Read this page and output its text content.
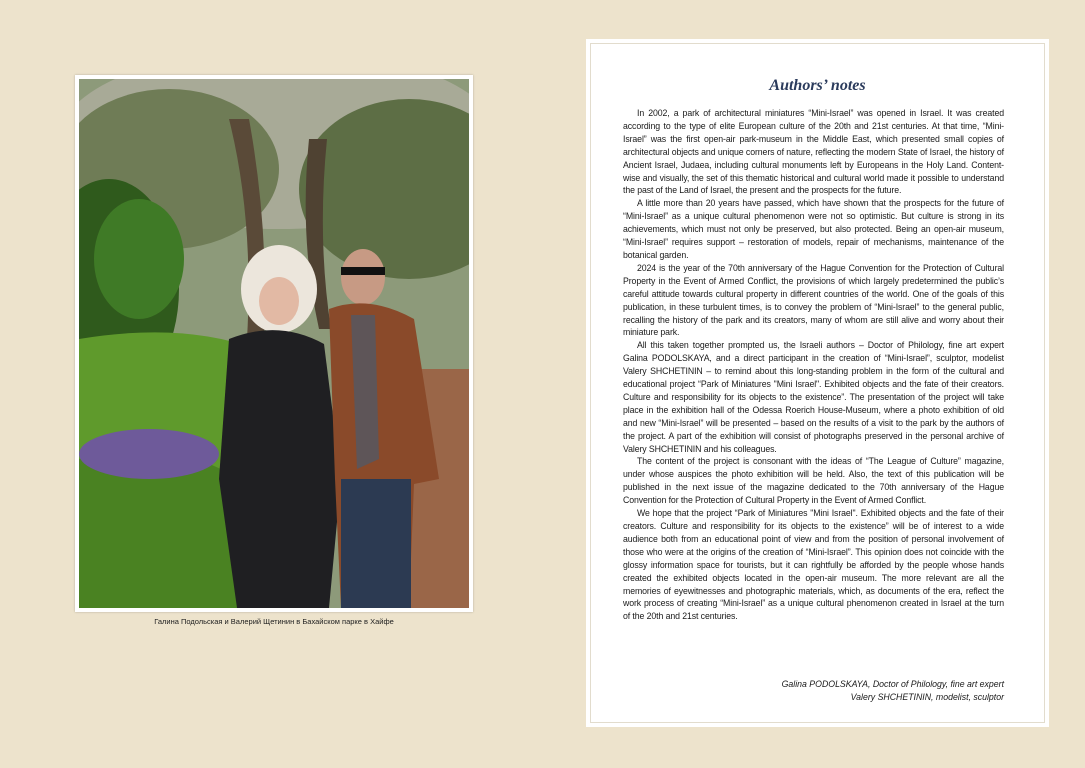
Галина Подольская и Валерий Щетинин в Бахайском парке в Хайфе
Authors’ notes

In 2002, a park of architectural miniatures “Mini-Israel” was opened in Israel. It was created according to the type of elite European culture of the 20th and 21st centuries. At that time, “Mini-Israel” was the first open-air park-museum in the Middle East, which presented small copies of architectural objects and unique corners of nature, reflecting the modern State of Israel, the history of Ancient Israel, Judaea, including cultural monuments left by Europeans in the Holy Land. Content-wise and visually, the set of this thematic historical and cultural world made it possible to understand the past of the Land of Israel, the present and the prospects for the future.

A little more than 20 years have passed, which have shown that the prospects for the future of “Mini-Israel” as a unique cultural phenomenon were not so optimistic. But culture is strong in its achievements, which must not only be preserved, but also protected. Being an open-air museum, “Mini-Israel” requires support – restoration of models, repair of mechanisms, maintenance of the botanical garden.

2024 is the year of the 70th anniversary of the Hague Convention for the Protection of Cultural Property in the Event of Armed Conflict, the provisions of which largely predetermined the public’s careful attitude towards cultural property in different countries of the world. One of the goals of this publication, in these turbulent times, is to convey the problem of “Mini-Israel” to the general public, recalling the history of the park and its creators, many of whom are still alive and worry about their miniature park.

All this taken together prompted us, the Israeli authors – Doctor of Philology, fine art expert Galina PODOLSKAYA, and a direct participant in the creation of “Mini-Israel”, sculptor, modelist Valery SHCHETININ – to remind about this long-standing problem in the form of the cultural and educational project “Park of Miniatures "Mini Israel". Exhibited objects and the fate of their creators. Culture and responsibility for its objects to the existence”. The presentation of the project will take place in the exhibition hall of the Odessa Roerich House-Museum, where a photo exhibition of old and new “Mini-Israel” will be presented – based on the results of a visit to the park by the authors of the project. A part of the exhibition will consist of photographs preserved in the personal archive of Valery SHCHETININ and his colleagues.

The content of the project is consonant with the ideas of “The League of Culture” magazine, under whose auspices the photo exhibition will be held. Also, the text of this publication will be published in the next issue of the magazine dedicated to the 70th anniversary of the Hague Convention for the Protection of Cultural Property in the Event of Armed Conflict.

We hope that the project “Park of Miniatures "Mini Israel". Exhibited objects and the fate of their creators. Culture and responsibility for its objects to the existence” will be of interest to a wide audience both from an educational point of view and from the position of personal involvement of those who were at the origins of the creation of “Mini-Israel”. This opinion does not coincide with the glossy information space for tourists, but it can rightfully be afforded by the people whose hands created the exhibited objects located in the open-air museum. The more relevant are all the memories of eyewitnesses and photographic materials, which, as documents of the era, reflect the work process of creating “Mini-Israel” as a unique cultural phenomenon created in Israel at the turn of the 20th and 21st centuries.

Galina PODOLSKAYA, Doctor of Philology, fine art expert
Valery SHCHETININ, modelist, sculptor
